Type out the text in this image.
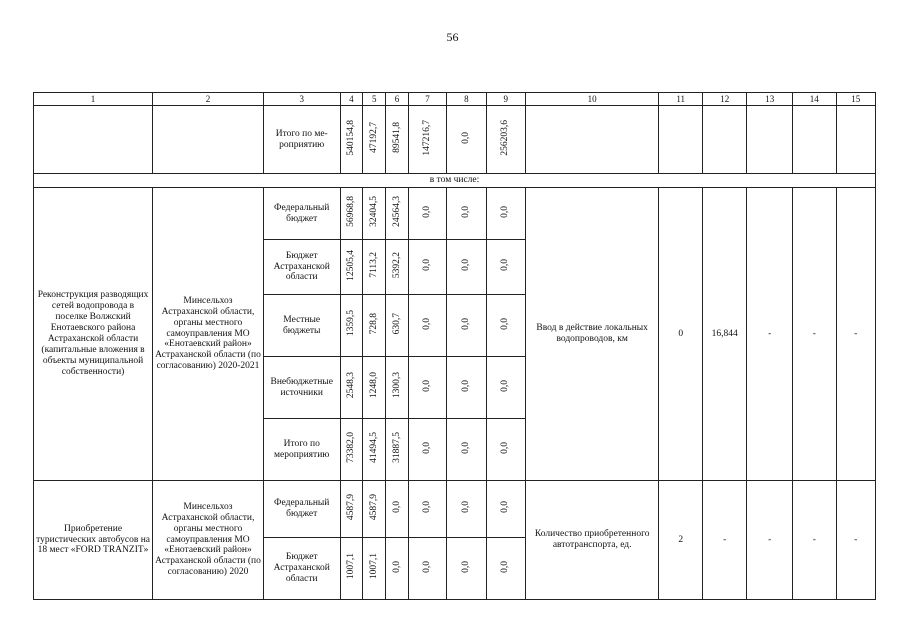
56
1	2	3	4	5	6	7	8	9	10	11	12	13	14	15
		Итого по ме-роприятию	540154,8	47192,7	89541,8	147216,7	0,0	256203,6						
в том числе:														
Реконструкция разводящих сетей водопровода в поселке Волжский Енотаевского района Астраханской области (капитальные вложения в объекты муниципальной собственности)	Минсельхоз Астраханской области, органы местного самоуправления МО «Енотаевский район» Астраханской области (по согласованию) 2020-2021	Федеральный бюджет	56968,8	32404,5	24564,3	0,0	0,0	0,0	Ввод в действие локальных водопроводов, км	0	16,844	-	-	-
		Бюджет Астраханской области	12505,4	7113,2	5392,2	0,0	0,0	0,0						
		Местные бюджеты	1359,5	728,8	630,7	0,0	0,0	0,0						
		Внебюджетные источники	2548,3	1248,0	1300,3	0,0	0,0	0,0						
		Итого по мероприятию	73382,0	41494,5	31887,5	0,0	0,0	0,0						
Приобретение туристических автобусов на 18 мест «FORD TRANZIT»	Минсельхоз Астраханской области, органы местного самоуправления МО «Енотаевский район» Астраханской области (по согласованию) 2020	Федеральный бюджет	4587,9	4587,9	0,0	0,0	0,0	0,0	Количество приобретенного автотранспорта, ед.	2	-	-	-	-
		Бюджет Астраханской области	1007,1	1007,1	0,0	0,0	0,0	0,0						
